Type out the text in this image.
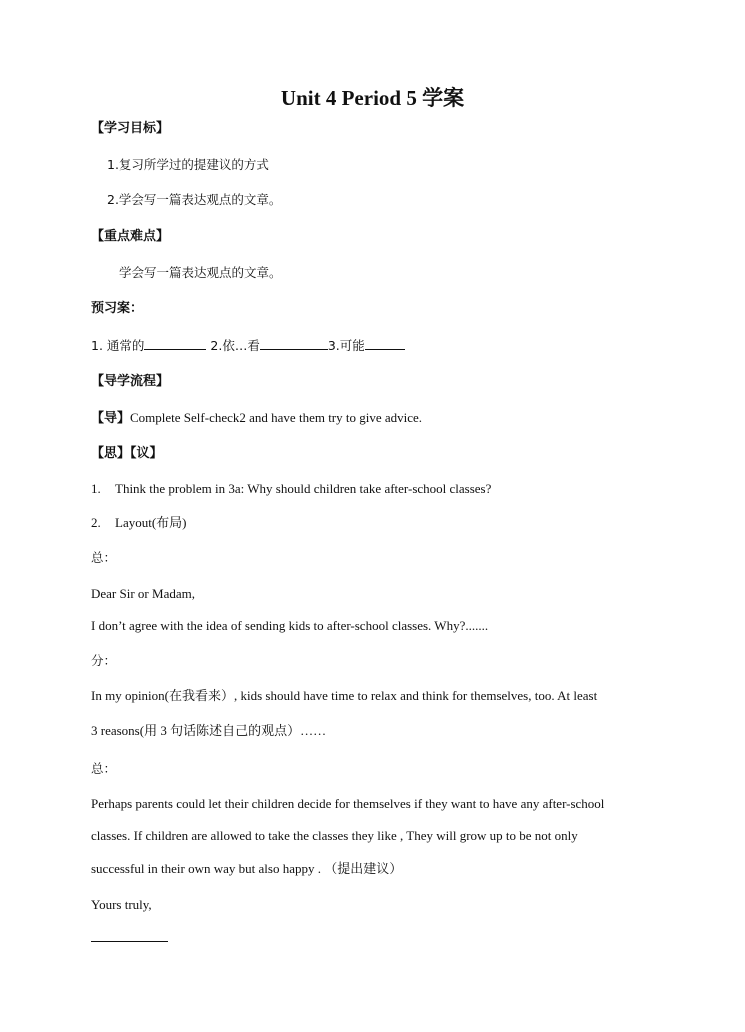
Unit 4 Period 5 学案
【学习目标】
1.复习所学过的提建议的方式
2.学会写一篇表达观点的文章。
【重点难点】
学会写一篇表达观点的文章。
预习案：
1. 通常的	2.依…看	3.可能
【导学流程】
【导】Complete Self-check2 and have them try to give advice.
【思】【议】
1. Think the problem in 3a: Why should children take after-school classes?
2. Layout(布局)
总：
Dear Sir or Madam,
I don’t agree with the idea of sending kids to after-school classes. Why?.......
分：
In my opinion(在我看来）, kids should have time to relax and think for themselves, too. At least
3 reasons(用 3 句话陈述自己的观点）……
总：
Perhaps parents could let their children decide for themselves if they want to have any after-school
classes. If children are allowed to take the classes they like , They will grow up to be not only
successful in their own way but also happy . （提出建议）
Yours truly,
